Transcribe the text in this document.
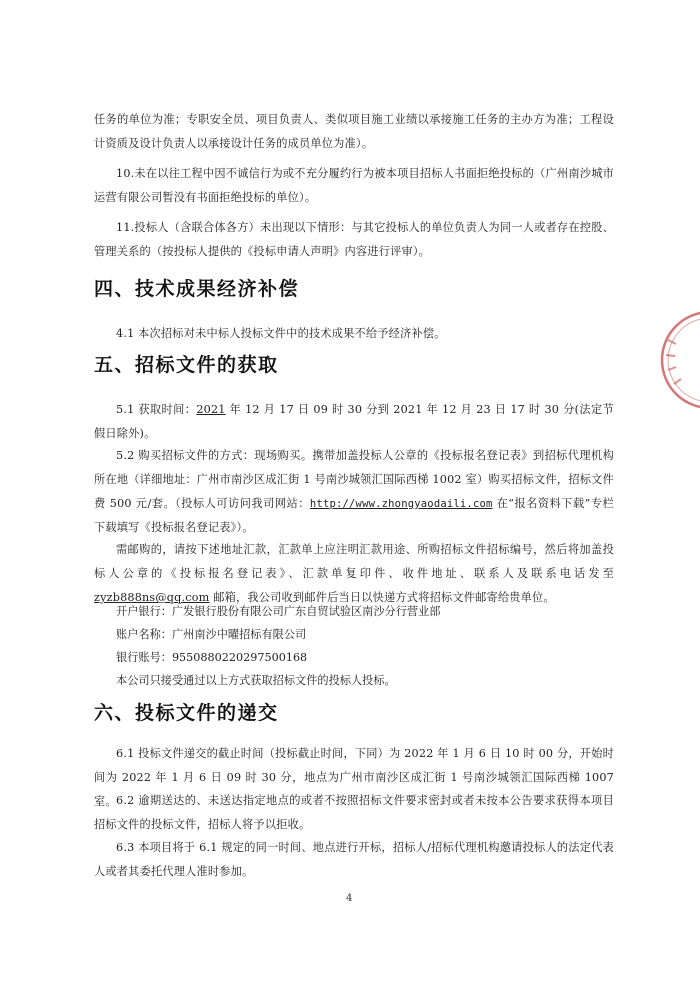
任务的单位为准；专职安全员、项目负责人、类似项目施工业绩以承接施工任务的主办方为准；工程设计资质及设计负责人以承接设计任务的成员单位为准）。

10.未在以往工程中因不诚信行为或不充分履约行为被本项目招标人书面拒绝投标的（广州南沙城市运营有限公司暂没有书面拒绝投标的单位）。

11.投标人（含联合体各方）未出现以下情形：与其它投标人的单位负责人为同一人或者存在控股、管理关系的（按投标人提供的《投标申请人声明》内容进行评审）。

四、技术成果经济补偿

4.1 本次招标对未中标人投标文件中的技术成果不给予经济补偿。

五、招标文件的获取

5.1 获取时间：2021 年 12 月 17 日 09 时 30 分到 2021 年 12 月 23 日 17 时 30 分(法定节假日除外)。

5.2 购买招标文件的方式：现场购买。携带加盖投标人公章的《投标报名登记表》到招标代理机构所在地（详细地址：广州市南沙区成汇街 1 号南沙城领汇国际西梯 1002 室）购买招标文件，招标文件费 500 元/套。（投标人可访问我司网站：http://www.zhongyaodaili.com 在“报名资料下载”专栏下载填写《投标报名登记表》）。

需邮购的，请按下述地址汇款，汇款单上应注明汇款用途、所购招标文件招标编号，然后将加盖投标人公章的《投标报名登记表》、汇款单复印件、收件地址、联系人及联系电话发至zyzb888ns@qq.com 邮箱，我公司收到邮件后当日以快递方式将招标文件邮寄给贵单位。

开户银行：广发银行股份有限公司广东自贸试验区南沙分行营业部

账户名称：广州南沙中曜招标有限公司

银行账号：9550880220297500168

本公司只接受通过以上方式获取招标文件的投标人投标。

六、投标文件的递交

6.1 投标文件递交的截止时间（投标截止时间，下同）为 2022 年 1 月 6 日 10 时 00 分，开始时间为 2022 年 1 月 6 日 09 时 30 分，地点为广州市南沙区成汇街 1 号南沙城领汇国际西梯 1007 室。 6.2 逾期送达的、未送达指定地点的或者不按照招标文件要求密封或者未按本公告要求获得本项目招标文件的投标文件，招标人将予以拒收。

6.3 本项目将于 6.1 规定的同一时间、地点进行开标，招标人/招标代理机构邀请投标人的法定代表人或者其委托代理人准时参加。

4
